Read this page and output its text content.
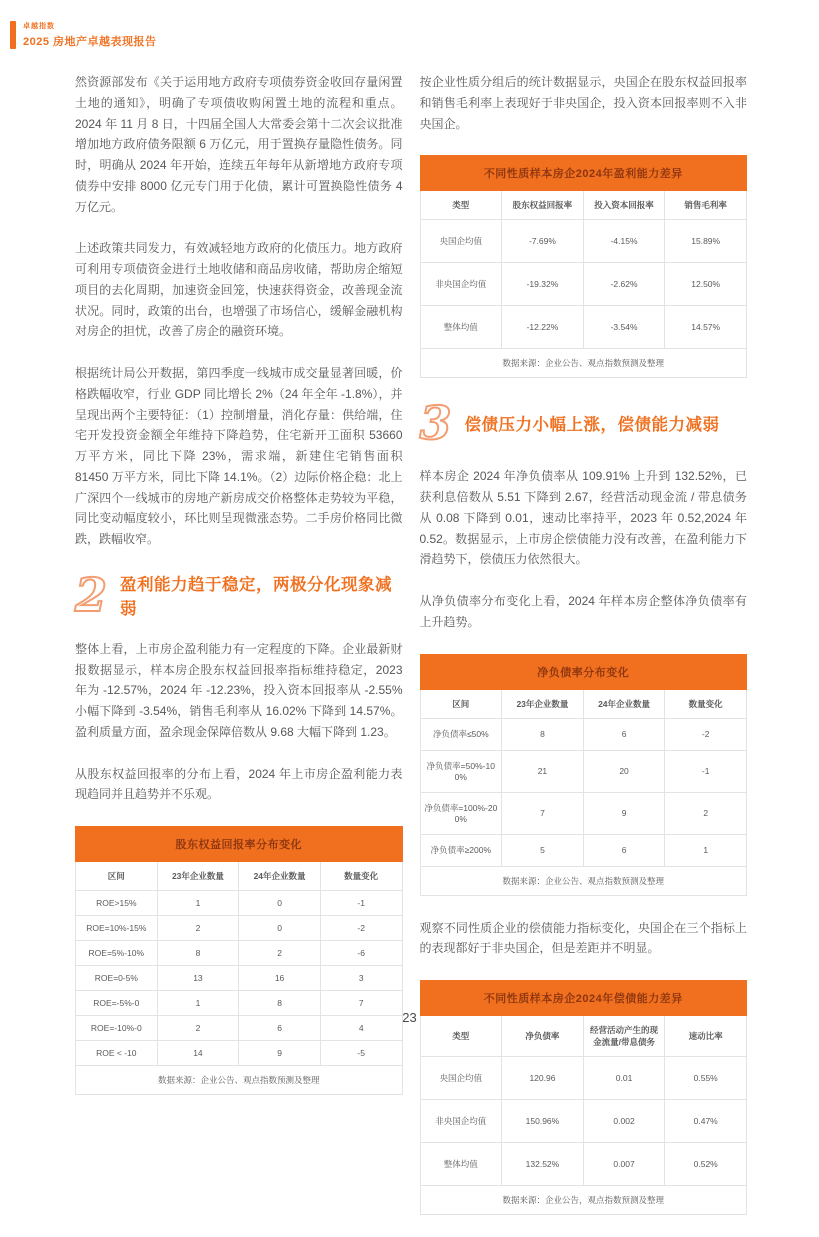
卓越指数
2025 房地产卓越表现报告

然资源部发布《关于运用地方政府专项债券资金收回存量闲置土地的通知》，明确了专项债收购闲置土地的流程和重点。2024 年 11 月 8 日，十四届全国人大常委会第十二次会议批准增加地方政府债务限额 6 万亿元，用于置换存量隐性债务。同时，明确从 2024 年开始，连续五年每年从新增地方政府专项债券中安排 8000 亿元专门用于化债，累计可置换隐性债务 4 万亿元。

上述政策共同发力，有效减轻地方政府的化债压力。地方政府可利用专项债资金进行土地收储和商品房收储，帮助房企缩短项目的去化周期，加速资金回笼，快速获得资金，改善现金流状况。同时，政策的出台，也增强了市场信心，缓解金融机构对房企的担忧，改善了房企的融资环境。

根据统计局公开数据，第四季度一线城市成交量显著回暖，价格跌幅收窄，行业 GDP 同比增长 2%（24 年全年 -1.8%），并呈现出两个主要特征：（1）控制增量，消化存量：供给端，住宅开发投资金额全年维持下降趋势，住宅新开工面积 53660 万平方米，同比下降 23%，需求端，新建住宅销售面积 81450 万平方米，同比下降 14.1%。（2）边际价格企稳：北上广深四个一线城市的房地产新房成交价格整体走势较为平稳，同比变动幅度较小，环比则呈现微涨态势。二手房价格同比微跌，跌幅收窄。

2 盈利能力趋于稳定，两极分化现象减弱

整体上看，上市房企盈利能力有一定程度的下降。企业最新财报数据显示，样本房企股东权益回报率指标维持稳定，2023 年为 -12.57%，2024 年 -12.23%，投入资本回报率从 -2.55% 小幅下降到 -3.54%，销售毛利率从 16.02% 下降到 14.57%。盈利质量方面，盈余现金保障倍数从 9.68 大幅下降到 1.23。

从股东权益回报率的分布上看，2024 年上市房企盈利能力表现趋同并且趋势并不乐观。

股东权益回报率分布变化			
区间	23年企业数量	24年企业数量	数量变化
ROE>15%	1	0	-1
ROE=10%-15%	2	0	-2
ROE=5%-10%	8	2	-6
ROE=0-5%	13	16	3
ROE=-5%-0	1	8	7
ROE=-10%-0	2	6	4
ROE < -10	14	9	-5
数据来源：企业公告、观点指数预测及整理			

按企业性质分组后的统计数据显示，央国企在股东权益回报率和销售毛利率上表现好于非央国企，投入资本回报率则不入非央国企。

不同性质样本房企2024年盈利能力差异			
类型	股东权益回报率	投入资本回报率	销售毛利率
央国企均值	-7.69%	-4.15%	15.89%
非央国企均值	-19.32%	-2.62%	12.50%
整体均值	-12.22%	-3.54%	14.57%
数据来源：企业公告、观点指数预测及整理			
3 偿债压力小幅上涨，偿债能力减弱

样本房企 2024 年净负债率从 109.91% 上升到 132.52%，已获利息倍数从 5.51 下降到 2.67，经营活动现金流 / 带息债务从 0.08 下降到 0.01，速动比率持平，2023 年 0.52,2024 年 0.52。数据显示，上市房企偿债能力没有改善，在盈利能力下滑趋势下，偿债压力依然很大。

从净负债率分布变化上看，2024 年样本房企整体净负债率有上升趋势。

净负债率分布变化			
区间	23年企业数量	24年企业数量	数量变化
净负债率≤50%	8	6	-2
净负债率=50%-100%	21	20	-1
净负债率=100%-200%	7	9	2
净负债率≥200%	5	6	1
数据来源：企业公告、观点指数预测及整理			

观察不同性质企业的偿债能力指标变化，央国企在三个指标上的表现都好于非央国企，但是差距并不明显。

不同性质样本房企2024年偿债能力差异			
类型	净负债率	经营活动产生的现金流量/带息债务	速动比率
央国企均值	120.96	0.01	0.55%
非央国企均值	150.96%	0.002	0.47%
整体均值	132.52%	0.007	0.52%
数据来源：企业公告，观点指数预测及整理			
23
